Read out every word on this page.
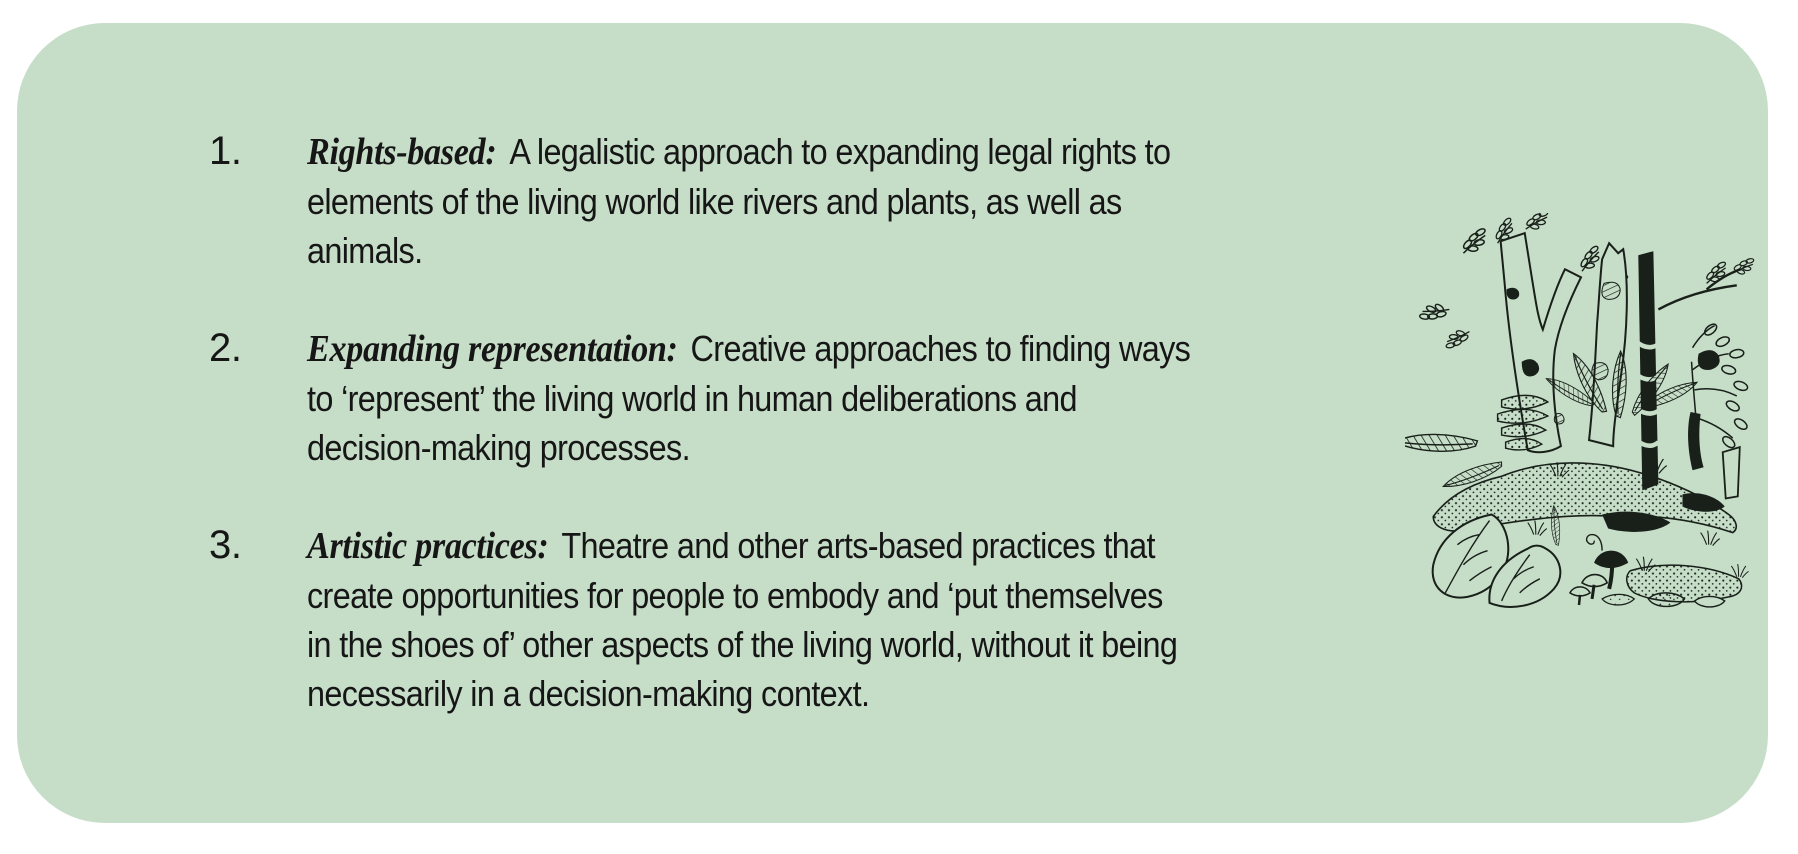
1.	Rights-based: A legalistic approach to expanding legal rights to
elements of the living world like rivers and plants, as well as
animals.
2.	Expanding representation: Creative approaches to finding ways
to ‘represent’ the living world in human deliberations and
decision-making processes.
3.	Artistic practices: Theatre and other arts-based practices that
create opportunities for people to embody and ‘put themselves
in the shoes of’ other aspects of the living world, without it being
necessarily in a decision-making context.
